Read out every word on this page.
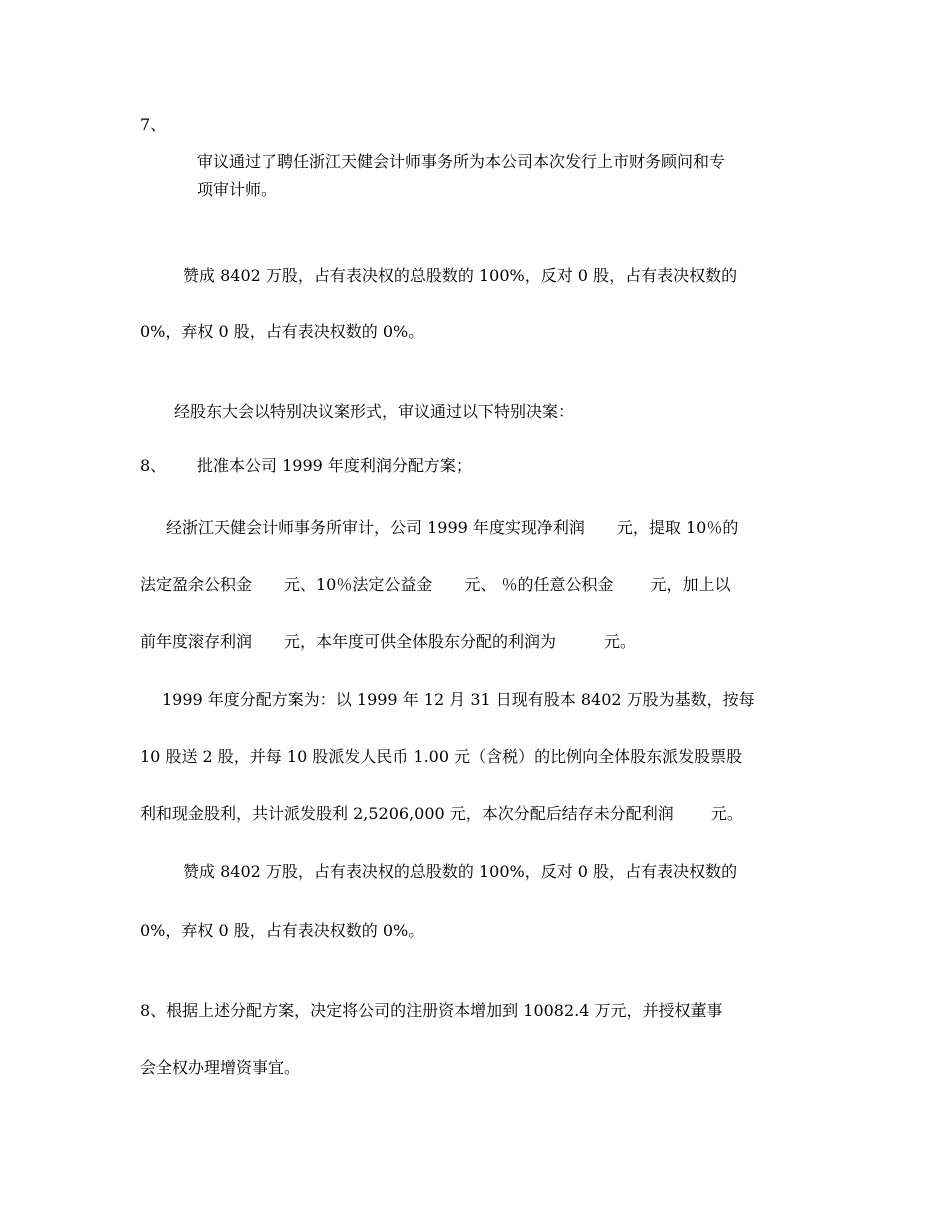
7、
审议通过了聘任浙江天健会计师事务所为本公司本次发行上市财务顾问和专
项审计师。
赞成 8402 万股，占有表决权的总股数的 100%，反对 0 股，占有表决权数的
0%，弃权 0 股，占有表决权数的 0%。
经股东大会以特别决议案形式，审议通过以下特别决案：
8、 批准本公司 1999 年度利润分配方案；
经浙江天健会计师事务所审计，公司 1999 年度实现净利润　　元，提取 10％的
法定盈余公积金　　元、10％法定公益金　　元、 ％的任意公积金　　 元，加上以
前年度滚存利润　　元，本年度可供全体股东分配的利润为　　　元。
1999 年度分配方案为：以 1999 年 12 月 31 日现有股本 8402 万股为基数，按每
10 股送 2 股，并每 10 股派发人民币 1.00 元（含税）的比例向全体股东派发股票股
利和现金股利，共计派发股利 2,5206,000 元，本次分配后结存未分配利润　　 元。
赞成 8402 万股，占有表决权的总股数的 100%，反对 0 股，占有表决权数的
0%，弃权 0 股，占有表决权数的 0%。
8、根据上述分配方案，决定将公司的注册资本增加到 10082.4 万元，并授权董事
会全权办理增资事宜。
